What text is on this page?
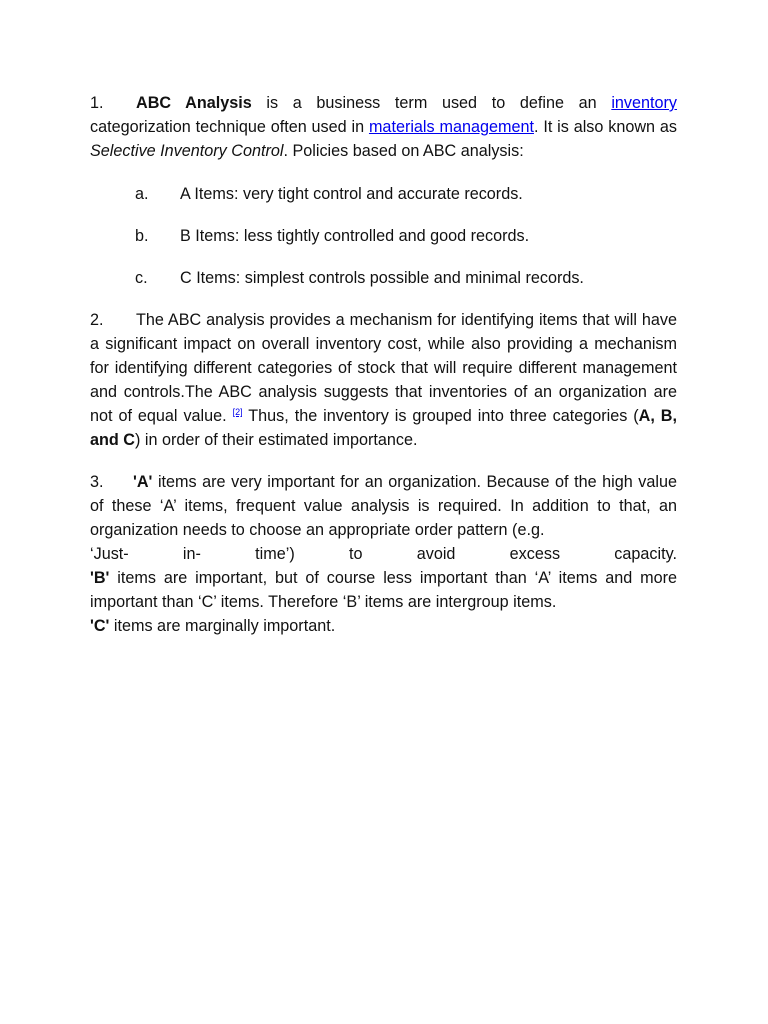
1. ABC Analysis is a business term used to define an inventory categorization technique often used in materials management. It is also known as Selective Inventory Control. Policies based on ABC analysis:

a. A Items: very tight control and accurate records.

b. B Items: less tightly controlled and good records.

c. C Items: simplest controls possible and minimal records.

2. The ABC analysis provides a mechanism for identifying items that will have a significant impact on overall inventory cost, while also providing a mechanism for identifying different categories of stock that will require different management and controls.The ABC analysis suggests that inventories of an organization are not of equal value. [2] Thus, the inventory is grouped into three categories (A, B, and C) in order of their estimated importance.

3. 'A' items are very important for an organization. Because of the high value of these ‘A’ items, frequent value analysis is required. In addition to that, an organization needs to choose an appropriate order pattern (e.g.

‘Just-	in-	time’)	to	avoid	excess	capacity.

'B' items are important, but of course less important than ‘A’ items and more important than ‘C’ items. Therefore ‘B’ items are intergroup items.

'C' items are marginally important.
